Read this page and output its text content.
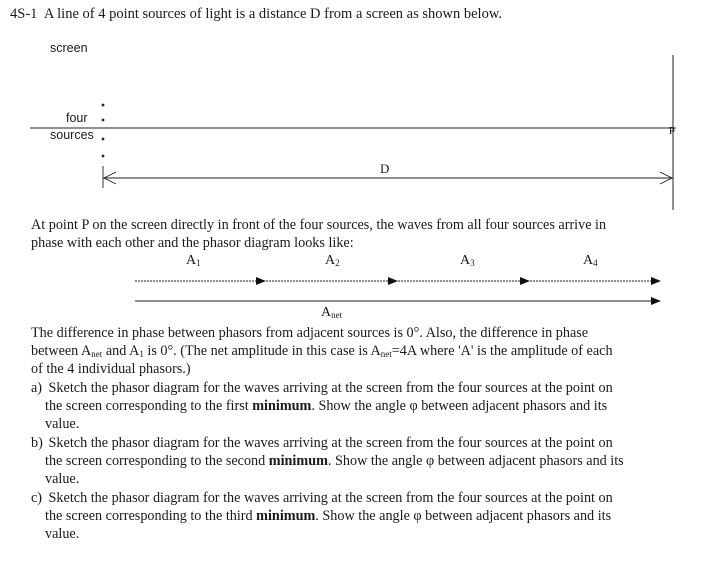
4S-1 A line of 4 point sources of light is a distance D from a screen as shown below.
screen
four
sources
D
P
At point P on the screen directly in front of the four sources, the waves from all four sources arrive in
phase with each other and the phasor diagram looks like:
$A_1$	$A_2$	$A_3$	$A_4$
$A_{net}$
The difference in phase between phasors from adjacent sources is 0°. Also, the difference in phase
between $A_{net}$ and $A_1$ is 0°. (The net amplitude in this case is $A_{net}=4A$ where 'A' is the amplitude of each
of the 4 individual phasors.)
a) Sketch the phasor diagram for the waves arriving at the screen from the four sources at the point on
the screen corresponding to the first minimum. Show the angle φ between adjacent phasors and its
value.
b) Sketch the phasor diagram for the waves arriving at the screen from the four sources at the point on
the screen corresponding to the second minimum. Show the angle φ between adjacent phasors and its
value.
c) Sketch the phasor diagram for the waves arriving at the screen from the four sources at the point on
the screen corresponding to the third minimum. Show the angle φ between adjacent phasors and its
value.
